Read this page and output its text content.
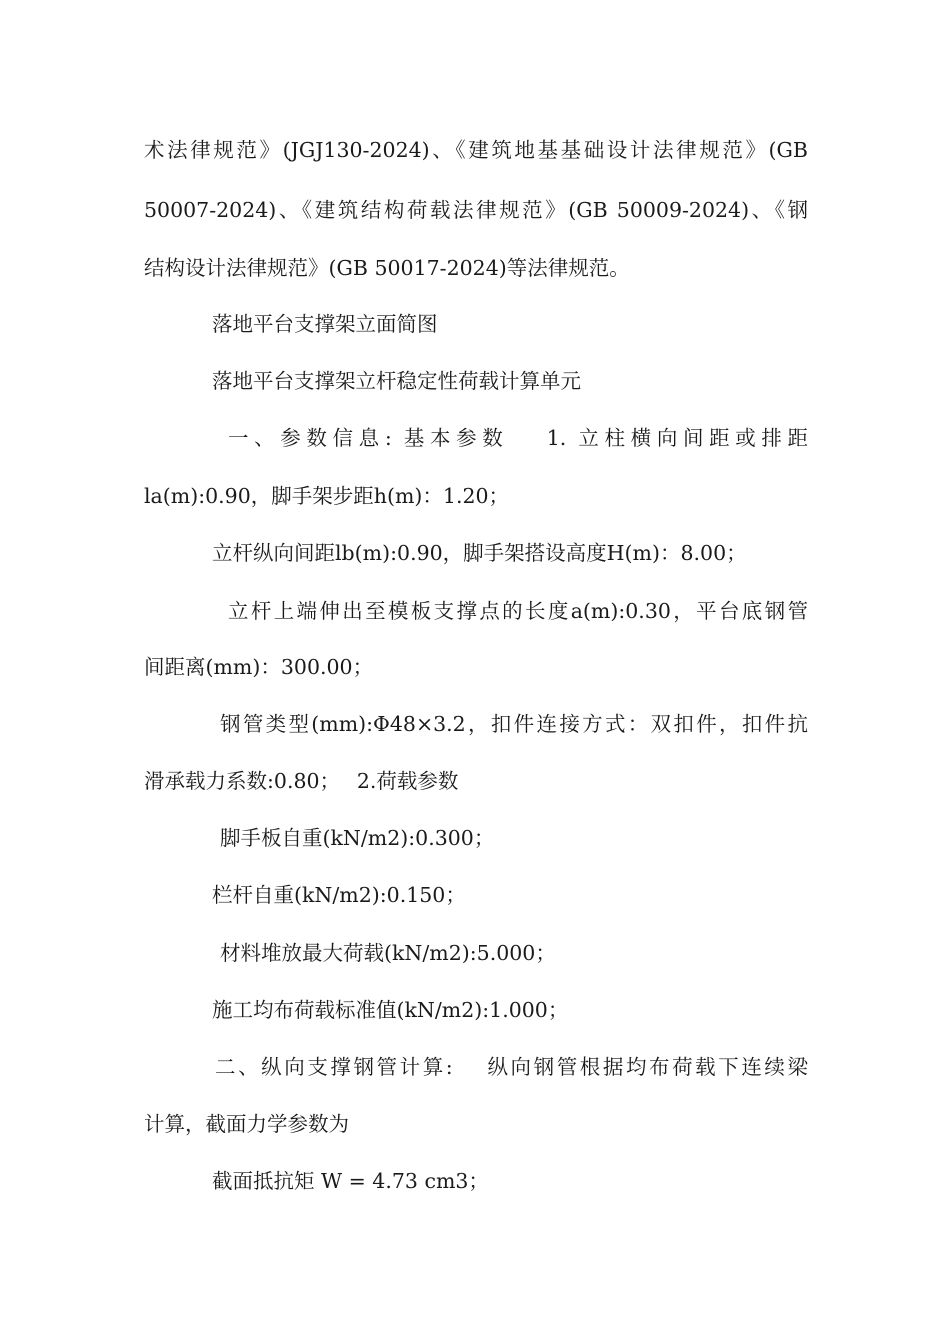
术法律规范》(JGJ130-2024)、《建筑地基基础设计法律规范》(GB
50007-2024)、《建筑结构荷载法律规范》(GB 50009-2024)、《钢
结构设计法律规范》(GB 50017-2024)等法律规范。
落地平台支撑架立面简图
落地平台支撑架立杆稳定性荷载计算单元
一、参数信息: 基本参数　 1. 立柱横向间距或排距
la(m):0.90，脚手架步距h(m)：1.20；
立杆纵向间距lb(m):0.90，脚手架搭设高度H(m)：8.00；
立杆上端伸出至模板支撑点的长度a(m):0.30，平台底钢管
间距离(mm)：300.00；
钢管类型(mm):Φ48×3.2，扣件连接方式：双扣件，扣件抗
滑承载力系数:0.80；　 2.荷载参数
脚手板自重(kN/m2):0.300；
栏杆自重(kN/m2):0.150；
材料堆放最大荷载(kN/m2):5.000；
施工均布荷载标准值(kN/m2):1.000；
二、纵向支撑钢管计算:　 纵向钢管根据均布荷载下连续梁
计算，截面力学参数为
截面抵抗矩 W = 4.73 cm3；
